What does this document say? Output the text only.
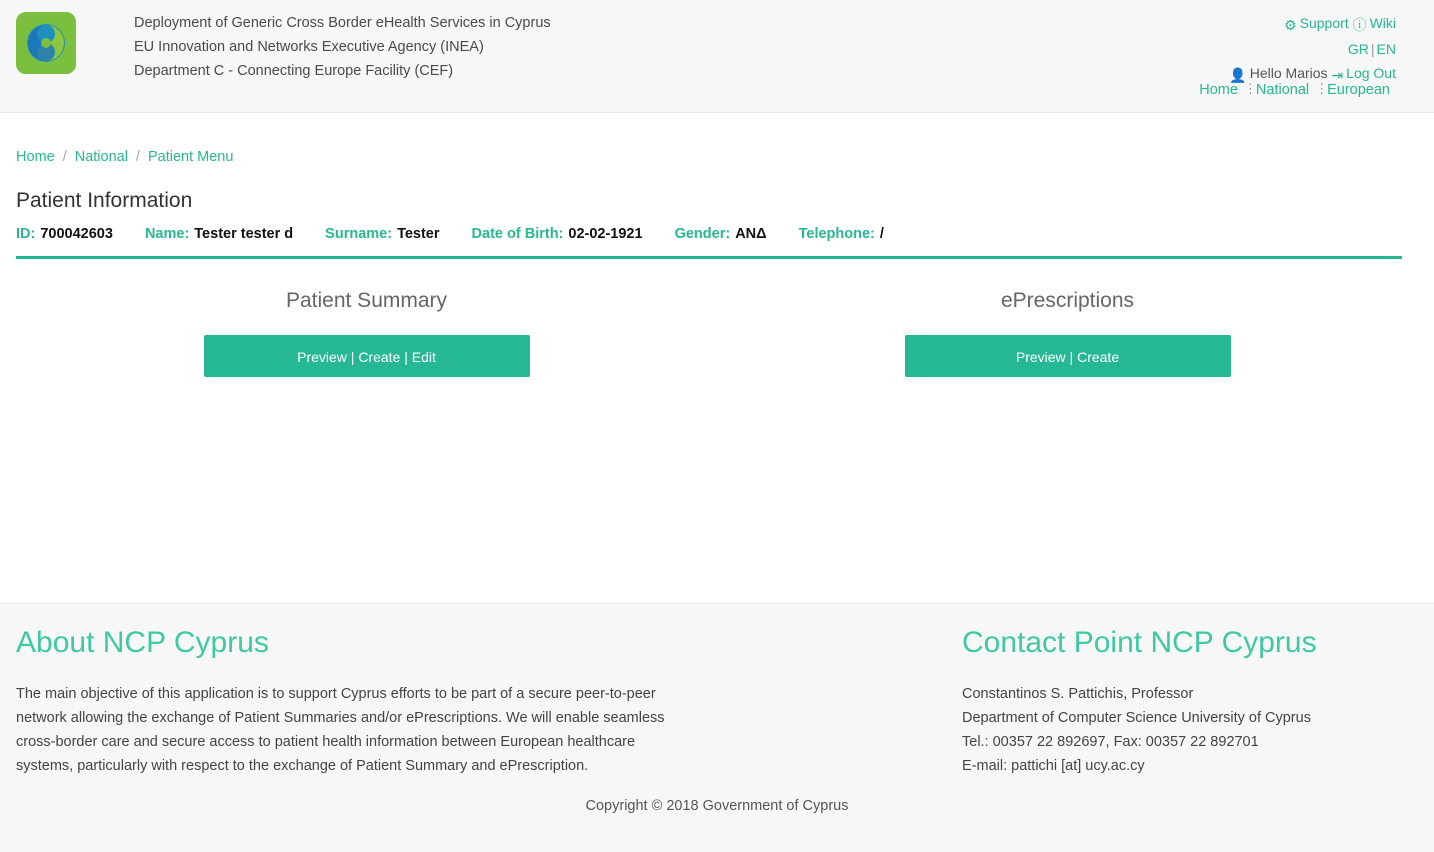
Deployment of Generic Cross Border eHealth Services in Cyprus
EU Innovation and Networks Executive Agency (INEA)
Department C - Connecting Europe Facility (CEF)
⚙ Support ⓘ Wiki
GR | EN
👤 Hello Marios ⇥ Log Out
Home ⋮National ⋮European
Home / National / Patient Menu
Patient Information
ID: 700042603 Name: Tester tester d Surname: Tester Date of Birth: 02-02-1921 Gender: ΑΝΔ Telephone: /
Patient Summary
Preview | Create | Edit
ePrescriptions
Preview | Create
About NCP Cyprus
The main objective of this application is to support Cyprus efforts to be part of a secure peer-to-peer network allowing the exchange of Patient Summaries and/or ePrescriptions. We will enable seamless cross-border care and secure access to patient health information between European healthcare systems, particularly with respect to the exchange of Patient Summary and ePrescription.
Contact Point NCP Cyprus
Constantinos S. Pattichis, Professor
Department of Computer Science University of Cyprus
Tel.: 00357 22 892697, Fax: 00357 22 892701
E-mail: pattichi [at] ucy.ac.cy
Copyright © 2018 Government of Cyprus
